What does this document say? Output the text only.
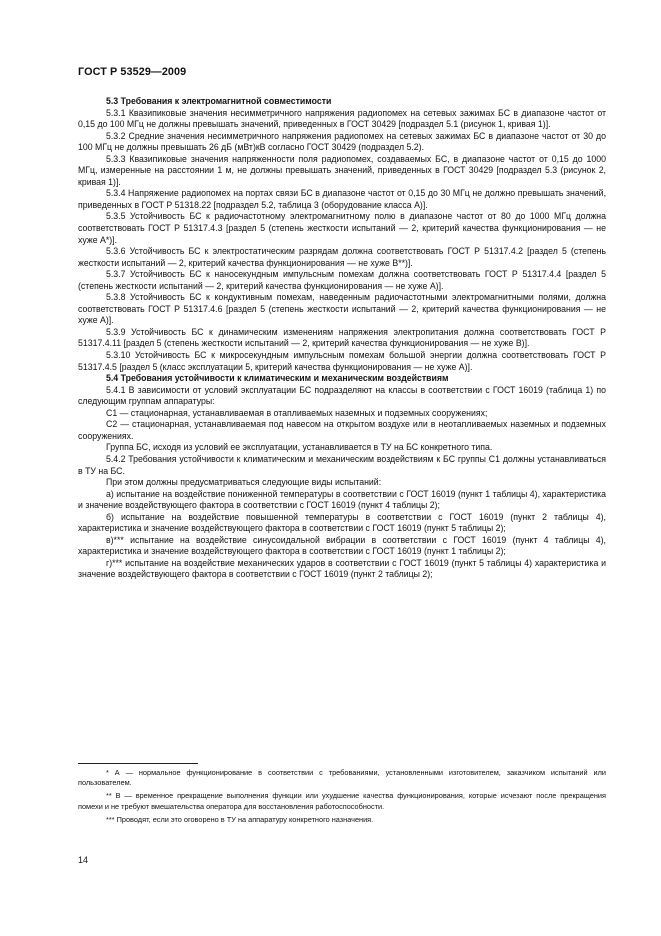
ГОСТ Р 53529—2009

5.3 Требования к электромагнитной совместимости

5.3.1 Квазипиковые значения несимметричного напряжения радиопомех на сетевых зажимах БС в диапазоне частот от 0,15 до 100 МГц не должны превышать значений, приведенных в ГОСТ 30429 [подраздел 5.1 (рисунок 1, кривая 1)].

5.3.2 Средние значения несимметричного напряжения радиопомех на сетевых зажимах БС в диапазоне частот от 30 до 100 МГц не должны превышать 26 дБ (мВт)кВ согласно ГОСТ 30429 (подраздел 5.2).

5.3.3 Квазипиковые значения напряженности поля радиопомех, создаваемых БС, в диапазоне частот от 0,15 до 1000 МГц, измеренные на расстоянии 1 м, не должны превышать значений, приведенных в ГОСТ 30429 [подраздел 5.3 (рисунок 2, кривая 1)].

5.3.4 Напряжение радиопомех на портах связи БС в диапазоне частот от 0,15 до 30 МГц не должно превышать значений, приведенных в ГОСТ Р 51318.22 [подраздел 5.2, таблица 3 (оборудование класса А)].

5.3.5 Устойчивость БС к радиочастотному электромагнитному полю в диапазоне частот от 80 до 1000 МГц должна соответствовать ГОСТ Р 51317.4.3 [раздел 5 (степень жесткости испытаний — 2, критерий качества функционирования — не хуже А*)].

5.3.6 Устойчивость БС к электростатическим разрядам должна соответствовать ГОСТ Р 51317.4.2 [раздел 5 (степень жесткости испытаний — 2, критерий качества функционирования — не хуже В**)].

5.3.7 Устойчивость БС к наносекундным импульсным помехам должна соответствовать ГОСТ Р 51317.4.4 [раздел 5 (степень жесткости испытаний — 2, критерий качества функционирования — не хуже А)].

5.3.8 Устойчивость БС к кондуктивным помехам, наведенным радиочастотными электромагнитными полями, должна соответствовать ГОСТ Р 51317.4.6 [раздел 5 (степень жесткости испытаний — 2, критерий качества функционирования — не хуже А)].

5.3.9 Устойчивость БС к динамическим изменениям напряжения электропитания должна соответствовать ГОСТ Р 51317.4.11 [раздел 5 (степень жесткости испытаний — 2, критерий качества функционирования — не хуже В)].

5.3.10 Устойчивость БС к микросекундным импульсным помехам большой энергии должна соответствовать ГОСТ Р 51317.4.5 [раздел 5 (класс эксплуатации 5, критерий качества функционирования — не хуже А)].

5.4 Требования устойчивости к климатическим и механическим воздействиям

5.4.1 В зависимости от условий эксплуатации БС подразделяют на классы в соответствии с ГОСТ 16019 (таблица 1) по следующим группам аппаратуры:

С1 — стационарная, устанавливаемая в отапливаемых наземных и подземных сооружениях;

С2 — стационарная, устанавливаемая под навесом на открытом воздухе или в неотапливаемых наземных и подземных сооружениях.

Группа БС, исходя из условий ее эксплуатации, устанавливается в ТУ на БС конкретного типа.

5.4.2 Требования устойчивости к климатическим и механическим воздействиям к БС группы С1 должны устанавливаться в ТУ на БС.

При этом должны предусматриваться следующие виды испытаний:

а) испытание на воздействие пониженной температуры в соответствии с ГОСТ 16019 (пункт 1 таблицы 4), характеристика и значение воздействующего фактора в соответствии с ГОСТ 16019 (пункт 4 таблицы 2);

б) испытание на воздействие повышенной температуры в соответствии с ГОСТ 16019 (пункт 2 таблицы 4), характеристика и значение воздействующего фактора в соответствии с ГОСТ 16019 (пункт 5 таблицы 2);

в)*** испытание на воздействие синусоидальной вибрации в соответствии с ГОСТ 16019 (пункт 4 таблицы 4), характеристика и значение воздействующего фактора в соответствии с ГОСТ 16019 (пункт 1 таблицы 2);

г)*** испытание на воздействие механических ударов в соответствии с ГОСТ 16019 (пункт 5 таблицы 4) характеристика и значение воздействующего фактора в соответствии с ГОСТ 16019 (пункт 2 таблицы 2);

* А — нормальное функционирование в соответствии с требованиями, установленными изготовителем, заказчиком испытаний или пользователем.

** В — временное прекращение выполнения функции или ухудшение качества функционирования, которые исчезают после прекращения помехи и не требуют вмешательства оператора для восстановления работоспособности.

*** Проводят, если это оговорено в ТУ на аппаратуру конкретного назначения.

14
